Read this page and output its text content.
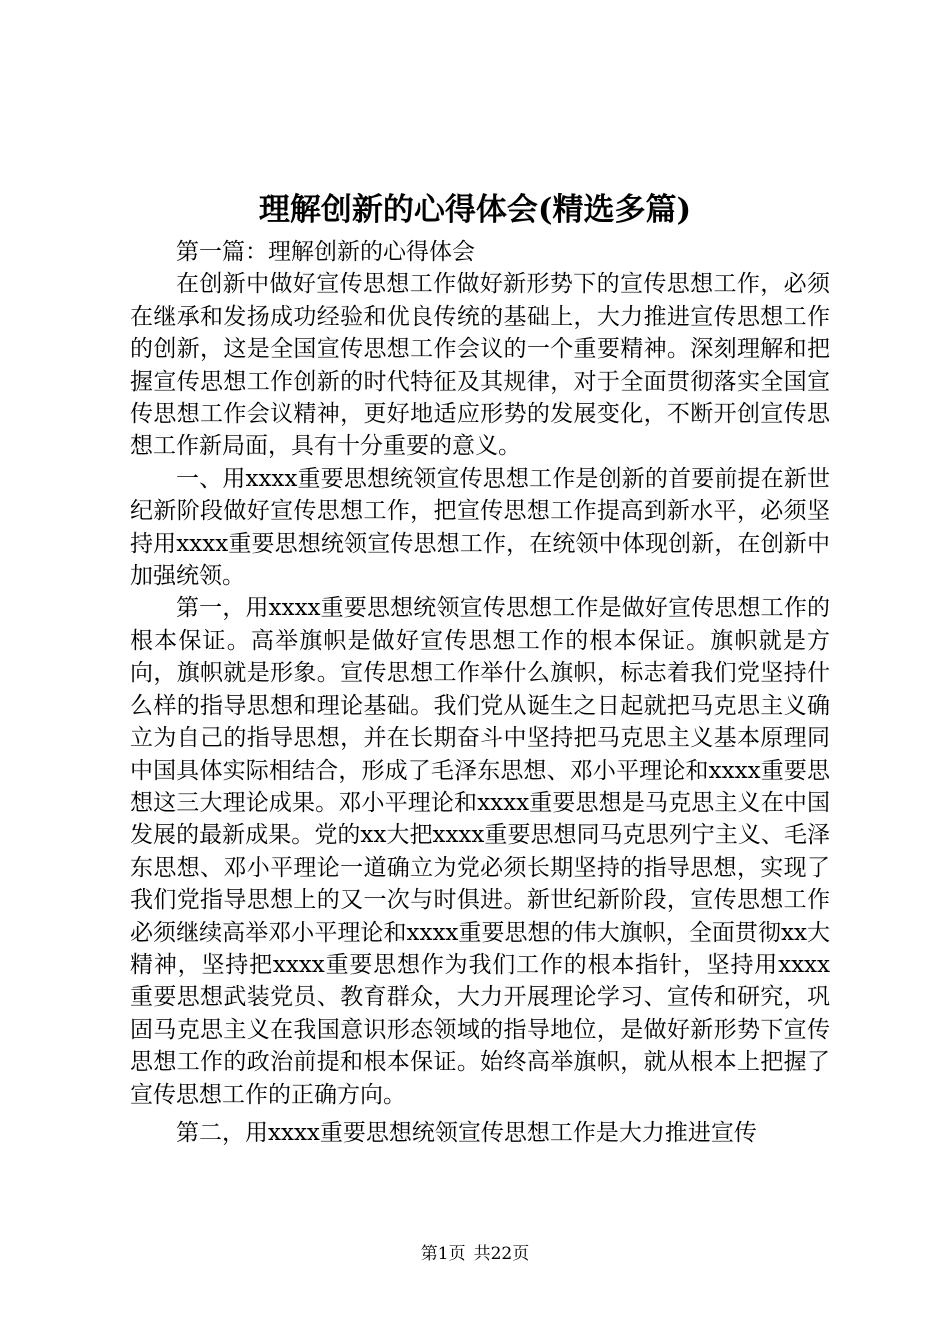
理解创新的心得体会(精选多篇)

第一篇：理解创新的心得体会

在创新中做好宣传思想工作做好新形势下的宣传思想工作，必须在继承和发扬成功经验和优良传统的基础上，大力推进宣传思想工作的创新，这是全国宣传思想工作会议的一个重要精神。深刻理解和把握宣传思想工作创新的时代特征及其规律，对于全面贯彻落实全国宣传思想工作会议精神，更好地适应形势的发展变化，不断开创宣传思想工作新局面，具有十分重要的意义。

一、用xxxx重要思想统领宣传思想工作是创新的首要前提在新世纪新阶段做好宣传思想工作，把宣传思想工作提高到新水平，必须坚持用xxxx重要思想统领宣传思想工作，在统领中体现创新，在创新中加强统领。

第一，用xxxx重要思想统领宣传思想工作是做好宣传思想工作的根本保证。高举旗帜是做好宣传思想工作的根本保证。旗帜就是方向，旗帜就是形象。宣传思想工作举什么旗帜，标志着我们党坚持什么样的指导思想和理论基础。我们党从诞生之日起就把马克思主义确立为自己的指导思想，并在长期奋斗中坚持把马克思主义基本原理同中国具体实际相结合，形成了毛泽东思想、邓小平理论和xxxx重要思想这三大理论成果。邓小平理论和xxxx重要思想是马克思主义在中国发展的最新成果。党的xx大把xxxx重要思想同马克思列宁主义、毛泽东思想、邓小平理论一道确立为党必须长期坚持的指导思想，实现了我们党指导思想上的又一次与时俱进。新世纪新阶段，宣传思想工作必须继续高举邓小平理论和xxxx重要思想的伟大旗帜，全面贯彻xx大精神，坚持把xxxx重要思想作为我们工作的根本指针，坚持用xxxx重要思想武装党员、教育群众，大力开展理论学习、宣传和研究，巩固马克思主义在我国意识形态领域的指导地位，是做好新形势下宣传思想工作的政治前提和根本保证。始终高举旗帜，就从根本上把握了宣传思想工作的正确方向。

第二，用xxxx重要思想统领宣传思想工作是大力推进宣传

第1页 共22页
